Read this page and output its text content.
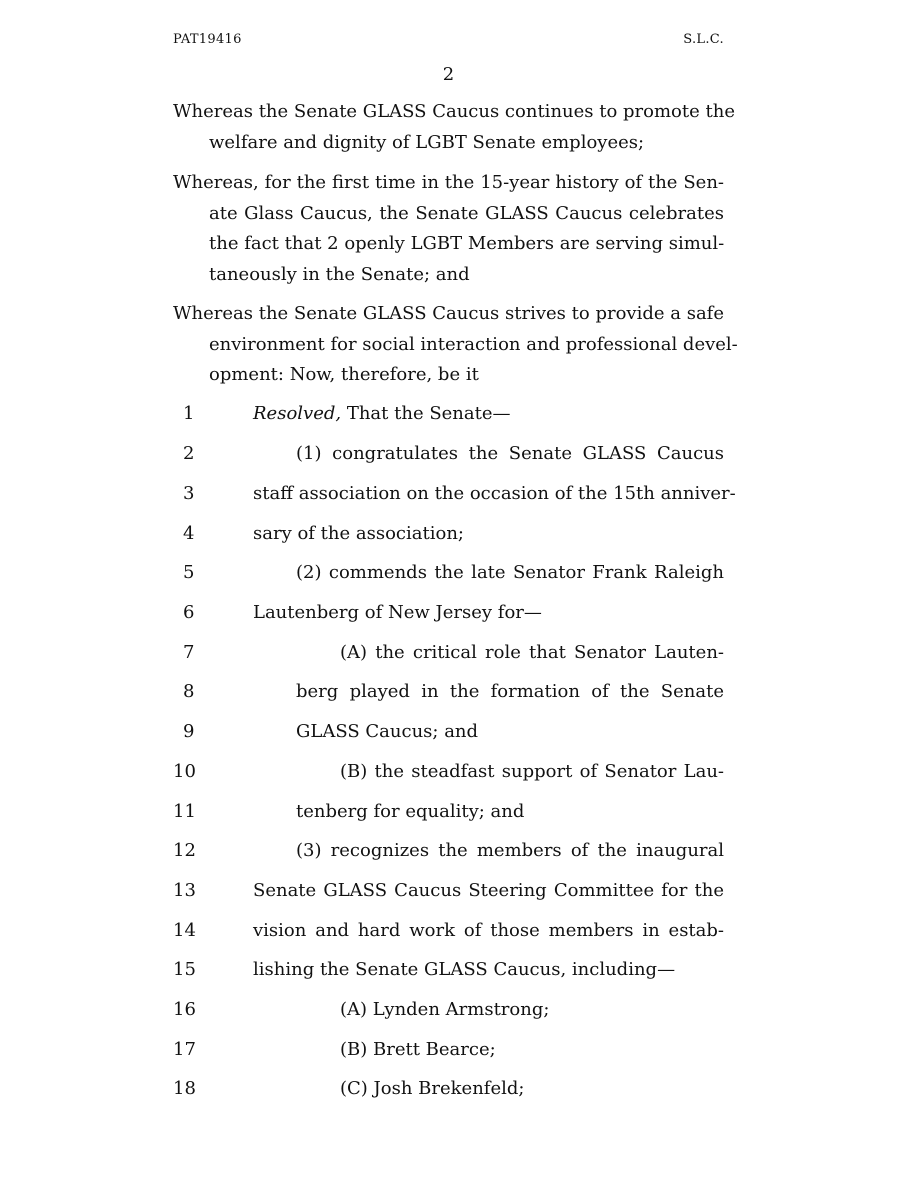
PAT19416	S.L.C.
2
Whereas the Senate GLASS Caucus continues to promote the
welfare and dignity of LGBT Senate employees;
Whereas, for the first time in the 15-year history of the Sen-
ate Glass Caucus, the Senate GLASS Caucus celebrates
the fact that 2 openly LGBT Members are serving simul-
taneously in the Senate; and
Whereas the Senate GLASS Caucus strives to provide a safe
environment for social interaction and professional devel-
opment: Now, therefore, be it
1	Resolved, That the Senate—
2	(1) congratulates the Senate GLASS Caucus
3	staff association on the occasion of the 15th anniver-
4	sary of the association;
5	(2) commends the late Senator Frank Raleigh
6	Lautenberg of New Jersey for—
7	(A) the critical role that Senator Lauten-
8	berg played in the formation of the Senate
9	GLASS Caucus; and
10	(B) the steadfast support of Senator Lau-
11	tenberg for equality; and
12	(3) recognizes the members of the inaugural
13	Senate GLASS Caucus Steering Committee for the
14	vision and hard work of those members in estab-
15	lishing the Senate GLASS Caucus, including—
16	(A) Lynden Armstrong;
17	(B) Brett Bearce;
18	(C) Josh Brekenfeld;
